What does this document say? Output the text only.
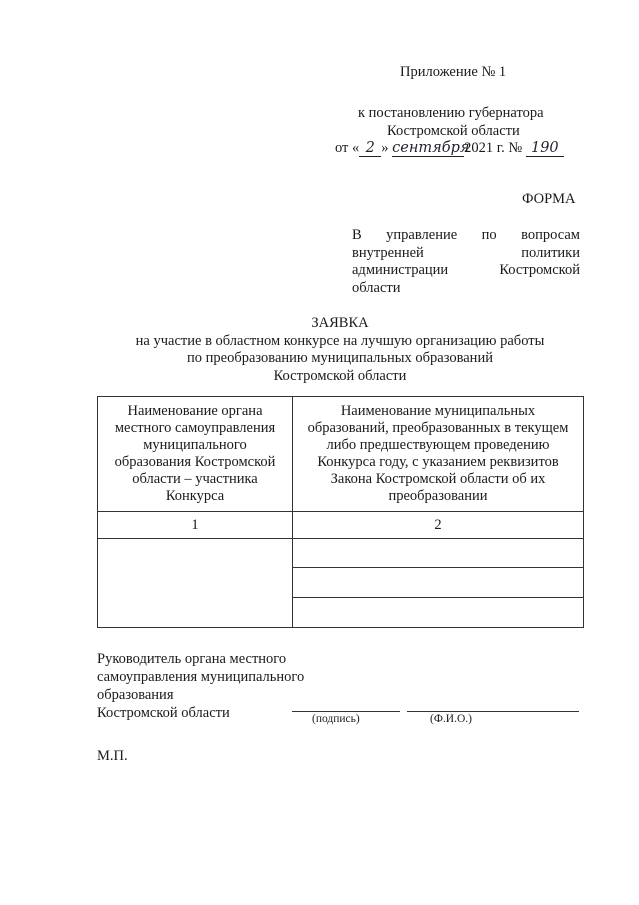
Приложение № 1
к постановлению губернатора
Костромской области
от « 2 » сентября2021 г. № 190
ФОРМА
В управление по вопросам
внутренней политики
администрации Костромской
области
ЗАЯВКА
на участие в областном конкурсе на лучшую организацию работы
по преобразованию муниципальных образований
Костромской области
Наименование органа местного самоуправления муниципального образования Костромской области – участника Конкурса	Наименование муниципальных образований, преобразованных в текущем либо предшествующем проведению Конкурса году, с указанием реквизитов Закона Костромской области об их преобразовании
1	2

Руководитель органа местного
самоуправления муниципального
образования
Костромской области	(подпись)	(Ф.И.О.)
М.П.
